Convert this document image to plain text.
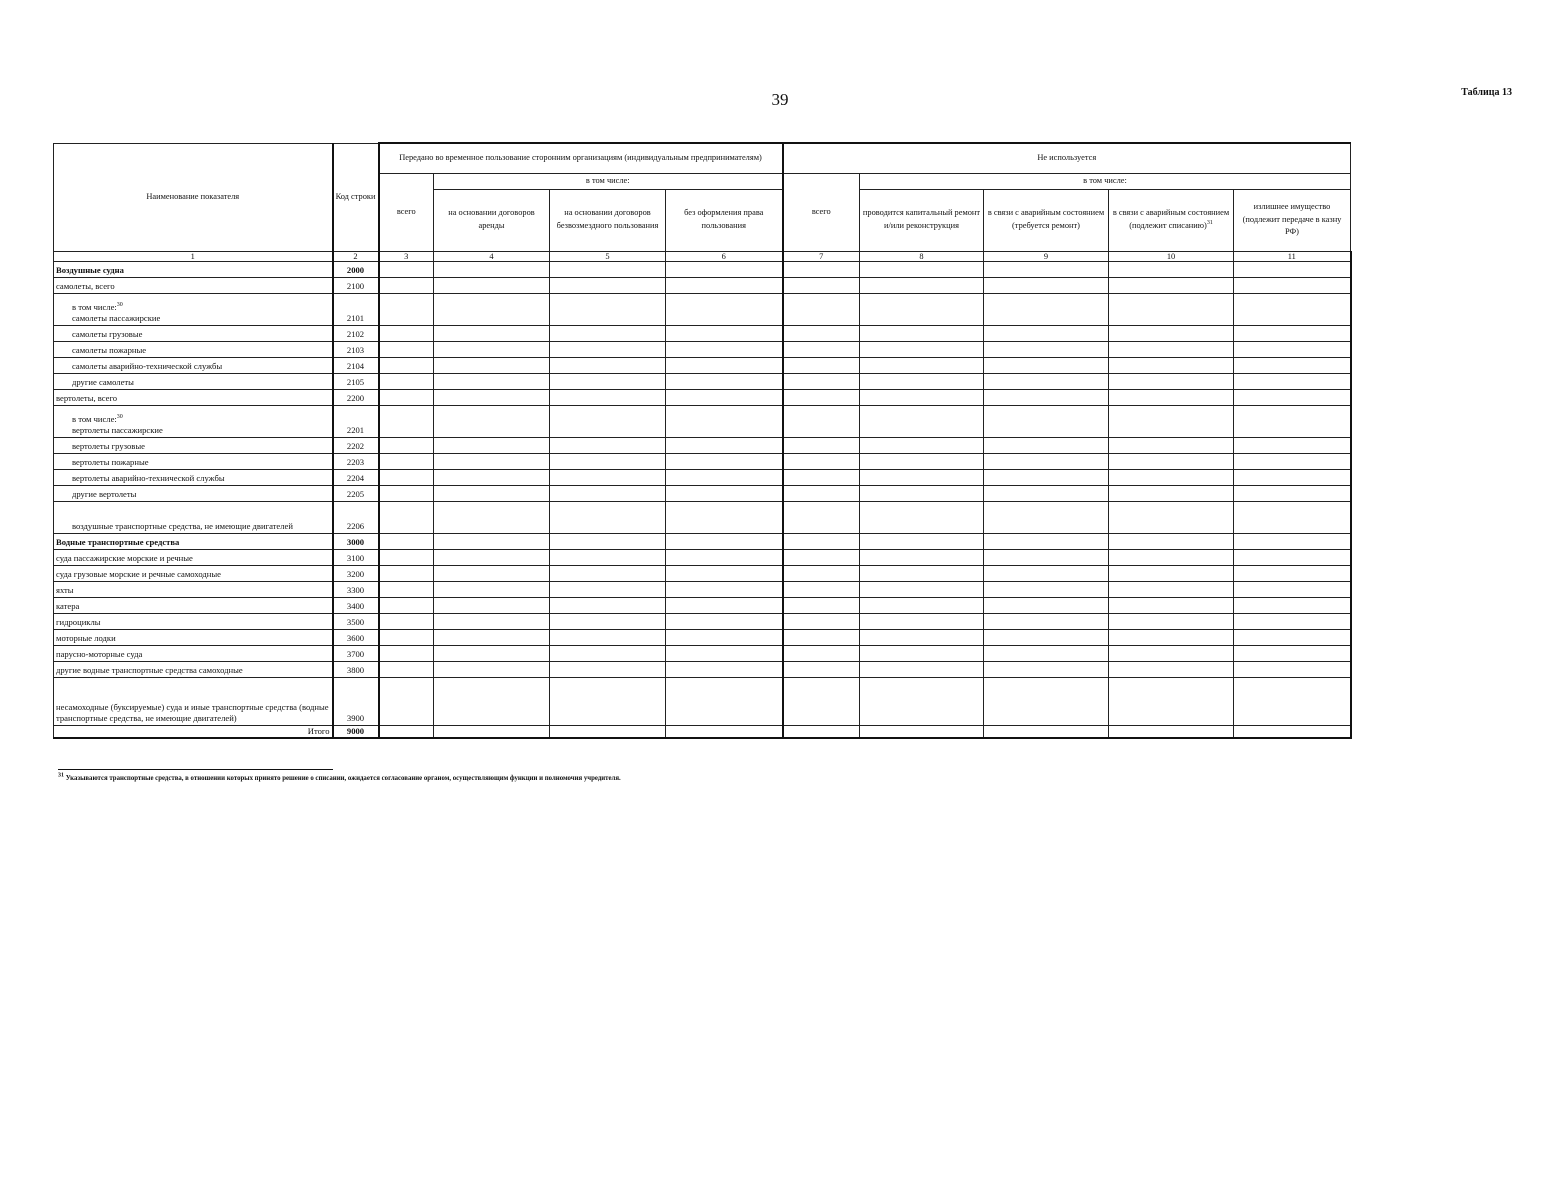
39	Таблица 13
Наименование показателя	Код строки	Передано во временное пользование сторонним организациям (индивидуальным предпринимателям)				Не используется				
		всего	в том числе:			всего	в том числе:			
			на основании договоров аренды	на основании договоров безвозмездного пользования	без оформления права пользования		проводится капитальный ремонт и/или реконструкция	в связи с аварийным состоянием (требуется ремонт)	в связи с аварийным состоянием (подлежит списанию)$^{31}$	излишнее имущество (подлежит передаче в казну РФ)
1	2	3	4	5	6	7	8	9	10	11
Воздушные судна	2000									
самолеты, всего	2100									

в том числе:$^{30}$
самолеты пассажирские	2101									
самолеты грузовые	2102									
самолеты пожарные	2103									
самолеты аварийно-технической службы	2104									
другие самолеты	2105									
вертолеты, всего	2200									

в том числе:$^{30}$
вертолеты пассажирские	2201									
вертолеты грузовые	2202									
вертолеты пожарные	2203									
вертолеты аварийно-технической службы	2204									
другие вертолеты	2205									
воздушные транспортные средства, не имеющие двигателей	2206									
Водные транспортные средства	3000									
суда пассажирские морские и речные	3100									
суда грузовые морские и речные самоходные	3200									
яхты	3300									
катера	3400									
гидроциклы	3500									
моторные лодки	3600									
парусно-моторные суда	3700									
другие водные транспортные средства самоходные	3800									
несамоходные (буксируемые) суда и иные транспортные средства (водные транспортные средства, не имеющие двигателей)	3900									
Итого	9000									
$^{31}$ Указываются транспортные средства, в отношении которых принято решение о списании, ожидается согласование органом, осуществляющим функции и полномочия учредителя.
